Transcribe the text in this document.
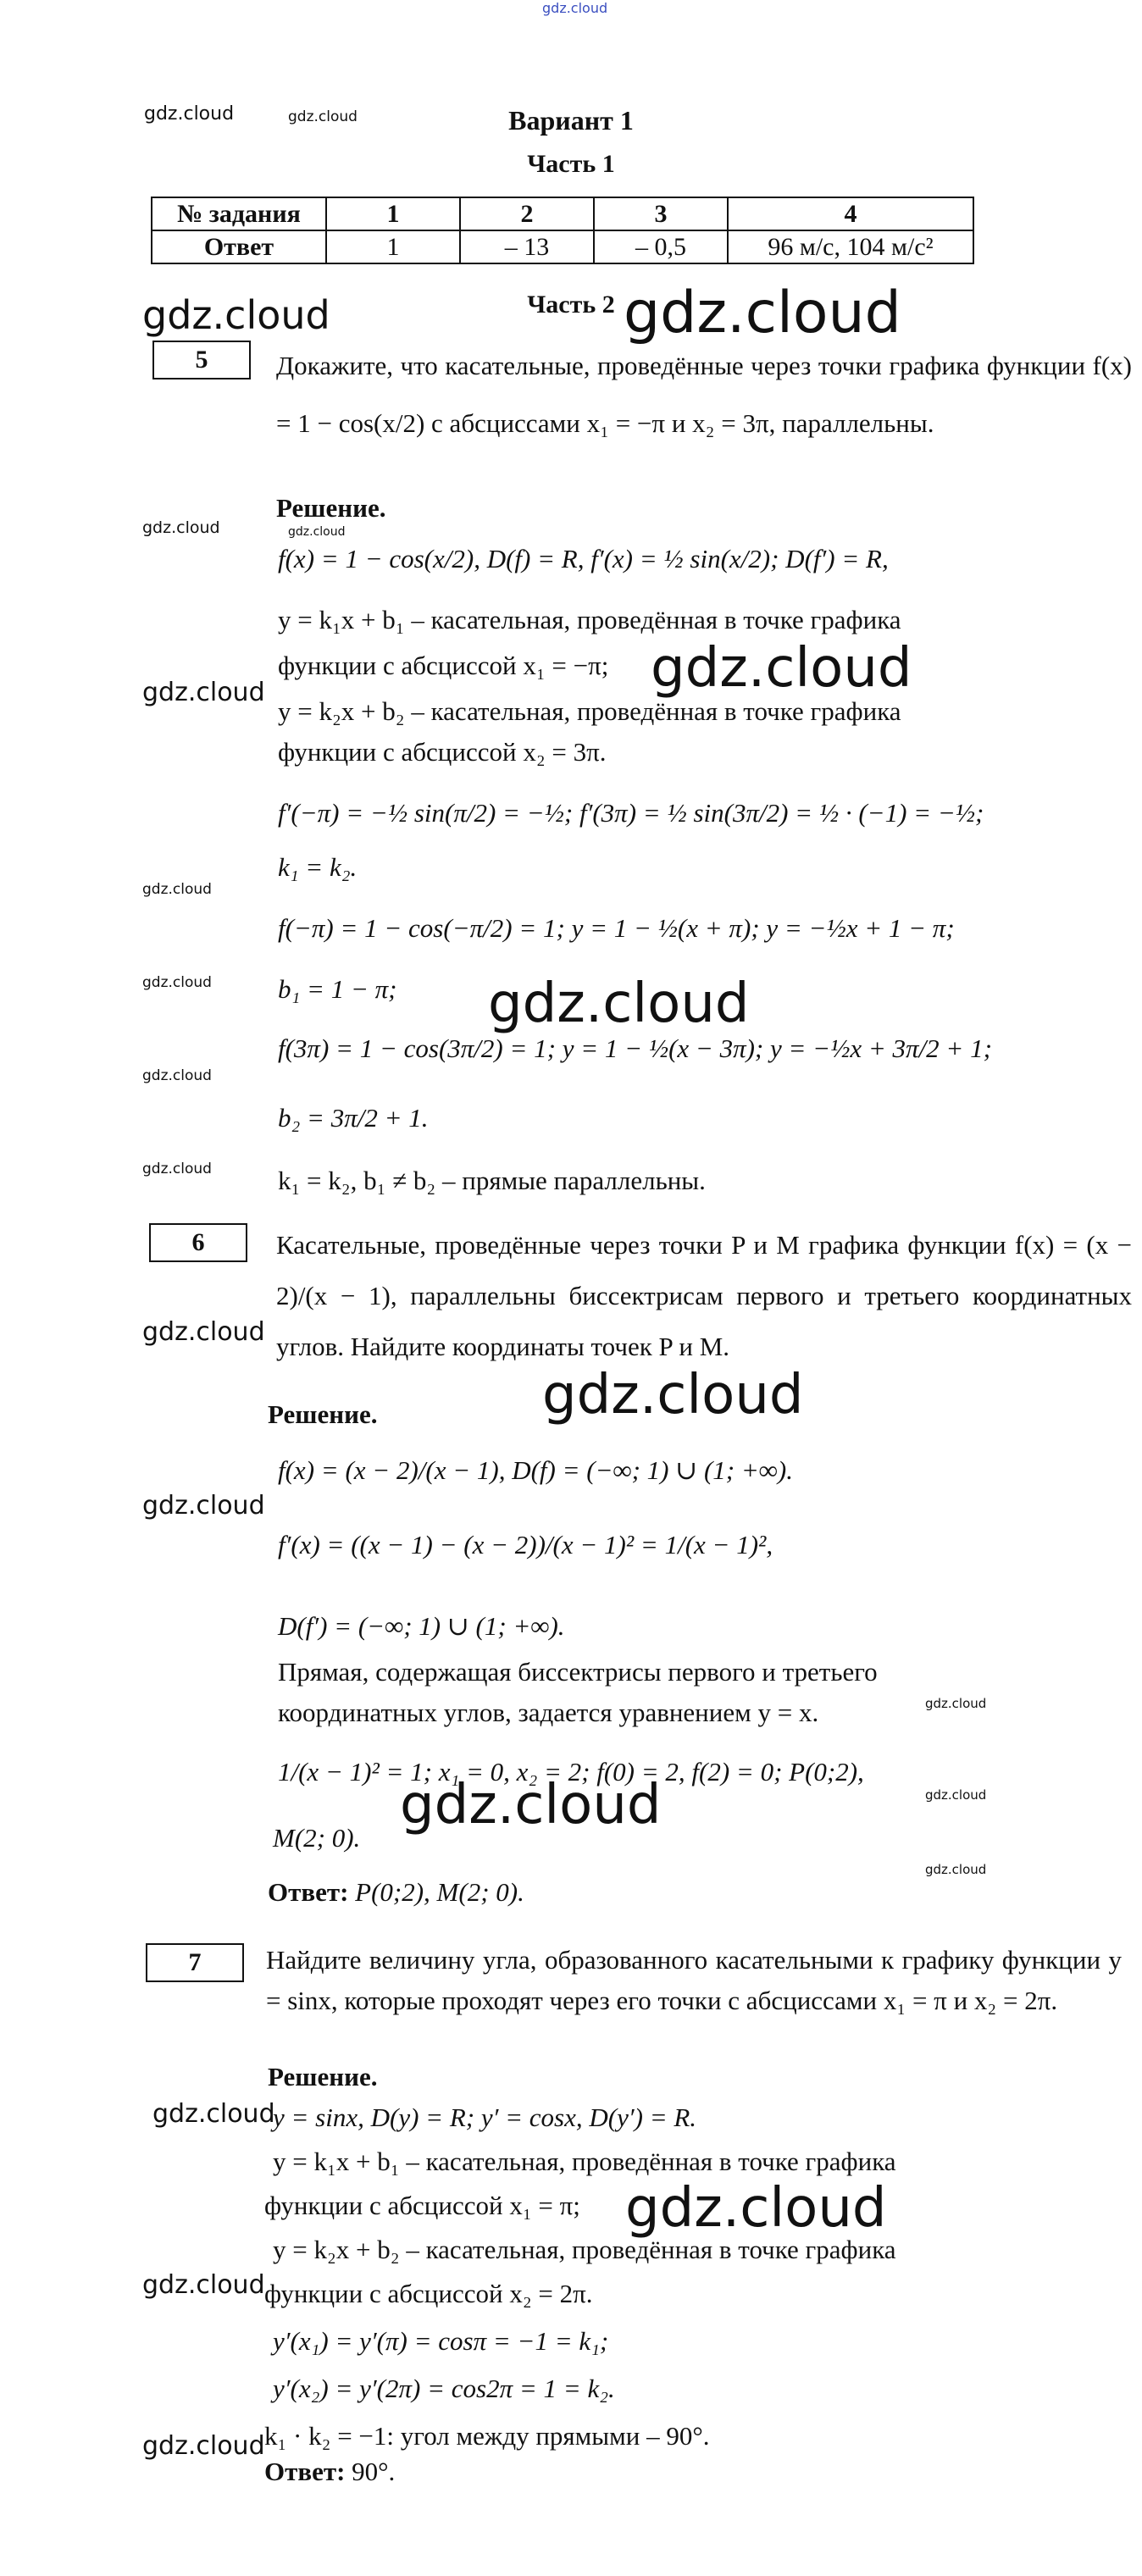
gdz.cloud
gdz.cloud	gdz.cloud
gdz.cloud	gdz.cloud
gdz.cloud	gdz.cloud
gdz.cloud	gdz.cloud
gdz.cloud
gdz.cloud	gdz.cloud
gdz.cloud
gdz.cloud
gdz.cloud
gdz.cloud
gdz.cloud
gdz.cloud
gdz.cloud
gdz.cloud
gdz.cloud
gdz.cloud
gdz.cloud
gdz.cloud
gdz.cloud
Вариант 1
Часть 1
№ задания	1	2	3	4
Ответ	1	– 13	– 0,5	96 м/с, 104 м/с²
Часть 2
5	Докажите, что касательные, проведённые через точки графика функции f(x) = 1 − cos(x/2) с абсциссами x₁ = −π и x₂ = 3π, параллельны.
Решение.
f(x) = 1 − cos(x/2), D(f) = R, f′(x) = ½ sin(x/2); D(f′) = R,
y = k₁x + b₁ – касательная, проведённая в точке графика
функции с абсциссой x₁ = −π;
y = k₂x + b₂ – касательная, проведённая в точке графика
функции с абсциссой x₂ = 3π.
f′(−π) = −½ sin(π/2) = −½; f′(3π) = ½ sin(3π/2) = ½ · (−1) = −½;
k₁ = k₂.
f(−π) = 1 − cos(−π/2) = 1; y = 1 − ½(x + π); y = −½x + 1 − π;
b₁ = 1 − π;
f(3π) = 1 − cos(3π/2) = 1; y = 1 − ½(x − 3π); y = −½x + 3π/2 + 1;
b₂ = 3π/2 + 1.
k₁ = k₂, b₁ ≠ b₂ – прямые параллельны.
6	Касательные, проведённые через точки P и M графика функции f(x) = (x − 2)/(x − 1), параллельны биссектрисам первого и третьего координатных углов. Найдите координаты точек P и M.
Решение.
f(x) = (x − 2)/(x − 1), D(f) = (−∞; 1) ∪ (1; +∞).
f′(x) = ((x − 1) − (x − 2))/(x − 1)² = 1/(x − 1)²,
D(f′) = (−∞; 1) ∪ (1; +∞).
Прямая, содержащая биссектрисы первого и третьего
координатных углов, задается уравнением y = x.
1/(x − 1)² = 1; x₁ = 0, x₂ = 2; f(0) = 2, f(2) = 0; P(0;2),
M(2; 0).
Ответ: P(0;2), M(2; 0).
7	Найдите величину угла, образованного касательными к графику функции y = sinx, которые проходят через его точки с абсциссами x₁ = π и x₂ = 2π.
Решение.
y = sinx, D(y) = R; y′ = cosx, D(y′) = R.
y = k₁x + b₁ – касательная, проведённая в точке графика
функции с абсциссой x₁ = π;
y = k₂x + b₂ – касательная, проведённая в точке графика
функции с абсциссой x₂ = 2π.
y′(x₁) = y′(π) = cosπ = −1 = k₁;
y′(x₂) = y′(2π) = cos2π = 1 = k₂.
k₁ · k₂ = −1: угол между прямыми – 90°.
Ответ: 90°.
